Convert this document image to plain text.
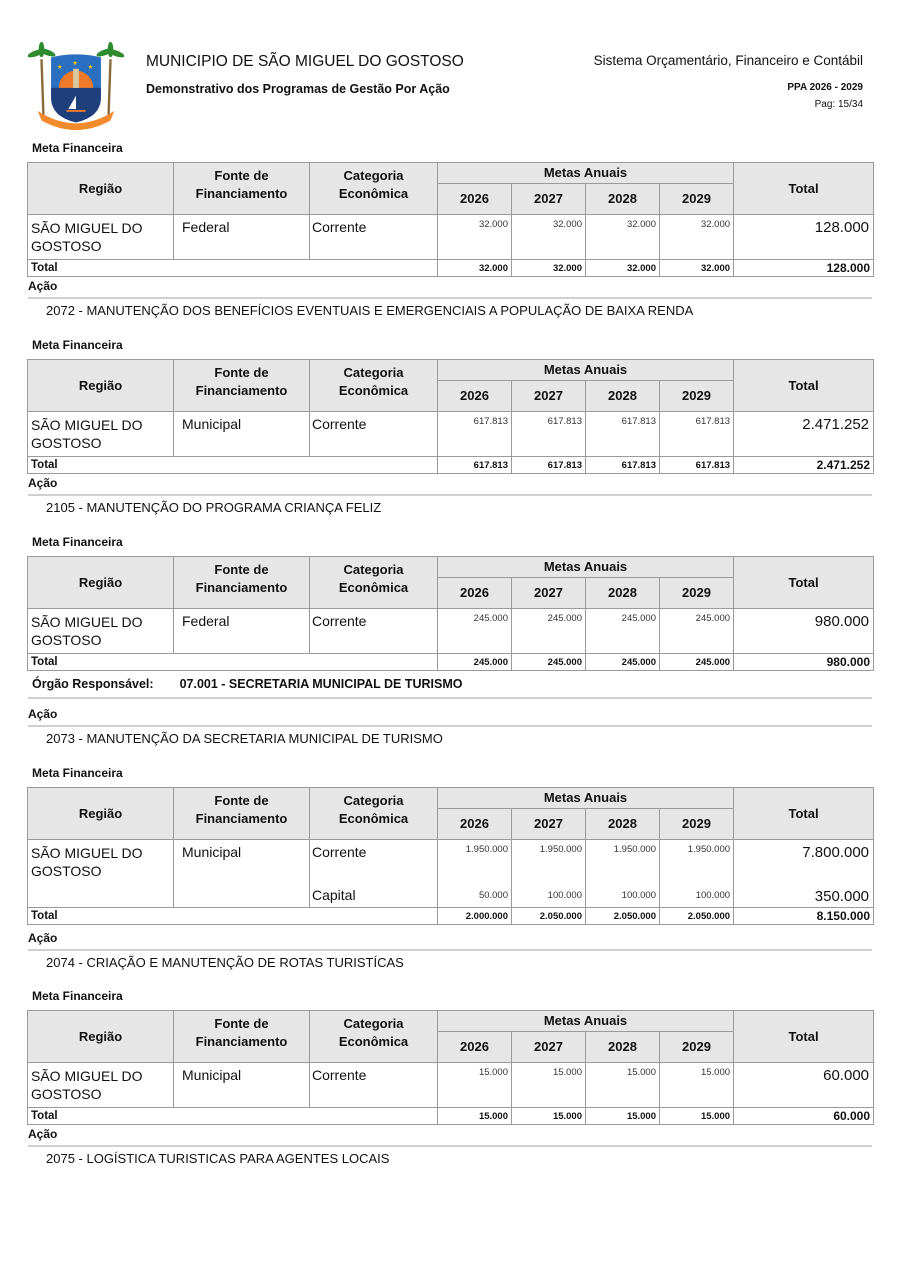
★
★
★	MUNICIPIO DE SÃO MIGUEL DO GOSTOSO
Demonstrativo dos Programas de Gestão Por Ação
Sistema Orçamentário, Financeiro e Contábil
PPA 2026 - 2029
Pag: 15/34
Meta Financeira
Região	Fonte de Financiamento	Categoria Econômica	Metas Anuais				Total
			2026	2027	2028	2029	
SÃO MIGUEL DO GOSTOSO	Federal	Corrente	32.000	32.000	32.000	32.000	128.000
Total			32.000	32.000	32.000	32.000	128.000
Ação
2072 - MANUTENÇÃO DOS BENEFÍCIOS EVENTUAIS E EMERGENCIAIS A POPULAÇÃO DE BAIXA RENDA
Meta Financeira
Região	Fonte de Financiamento	Categoria Econômica	Metas Anuais				Total
			2026	2027	2028	2029	
SÃO MIGUEL DO GOSTOSO	Municipal	Corrente	617.813	617.813	617.813	617.813	2.471.252
Total			617.813	617.813	617.813	617.813	2.471.252
Ação
2105 - MANUTENÇÃO DO PROGRAMA CRIANÇA FELIZ
Meta Financeira
Região	Fonte de Financiamento	Categoria Econômica	Metas Anuais				Total
			2026	2027	2028	2029	
SÃO MIGUEL DO GOSTOSO	Federal	Corrente	245.000	245.000	245.000	245.000	980.000
Total			245.000	245.000	245.000	245.000	980.000
Órgão Responsável: 07.001 - SECRETARIA MUNICIPAL DE TURISMO
Ação
2073 - MANUTENÇÃO DA SECRETARIA MUNICIPAL DE TURISMO
Meta Financeira
Região	Fonte de Financiamento	Categoria Econômica	Metas Anuais				Total
			2026	2027	2028	2029	
SÃO MIGUEL DO GOSTOSO	Municipal	Corrente	1.950.000	1.950.000	1.950.000	1.950.000	7.800.000
		Capital	50.000	100.000	100.000	100.000	350.000
Total			2.000.000	2.050.000	2.050.000	2.050.000	8.150.000
Ação
2074 - CRIAÇÃO E MANUTENÇÃO DE ROTAS TURISTÍCAS
Meta Financeira
Região	Fonte de Financiamento	Categoria Econômica	Metas Anuais				Total
			2026	2027	2028	2029	
SÃO MIGUEL DO GOSTOSO	Municipal	Corrente	15.000	15.000	15.000	15.000	60.000
Total			15.000	15.000	15.000	15.000	60.000
Ação
2075 - LOGÍSTICA TURISTICAS PARA AGENTES LOCAIS
